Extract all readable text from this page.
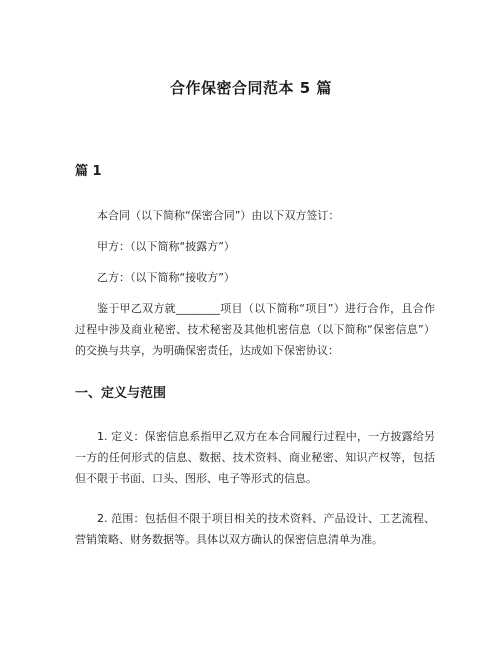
合作保密合同范本 5 篇
篇 1

本合同（以下简称“保密合同”）由以下双方签订：

甲方：（以下简称“披露方”）

乙方：（以下简称“接收方”）

鉴于甲乙双方就________项目（以下简称“项目”）进行合作，且合作过程中涉及商业秘密、技术秘密及其他机密信息（以下简称“保密信息”）的交换与共享，为明确保密责任，达成如下保密协议：

一、定义与范围

1. 定义：保密信息系指甲乙双方在本合同履行过程中，一方披露给另一方的任何形式的信息、数据、技术资料、商业秘密、知识产权等，包括但不限于书面、口头、图形、电子等形式的信息。

2. 范围：包括但不限于项目相关的技术资料、产品设计、工艺流程、营销策略、财务数据等。具体以双方确认的保密信息清单为准。
